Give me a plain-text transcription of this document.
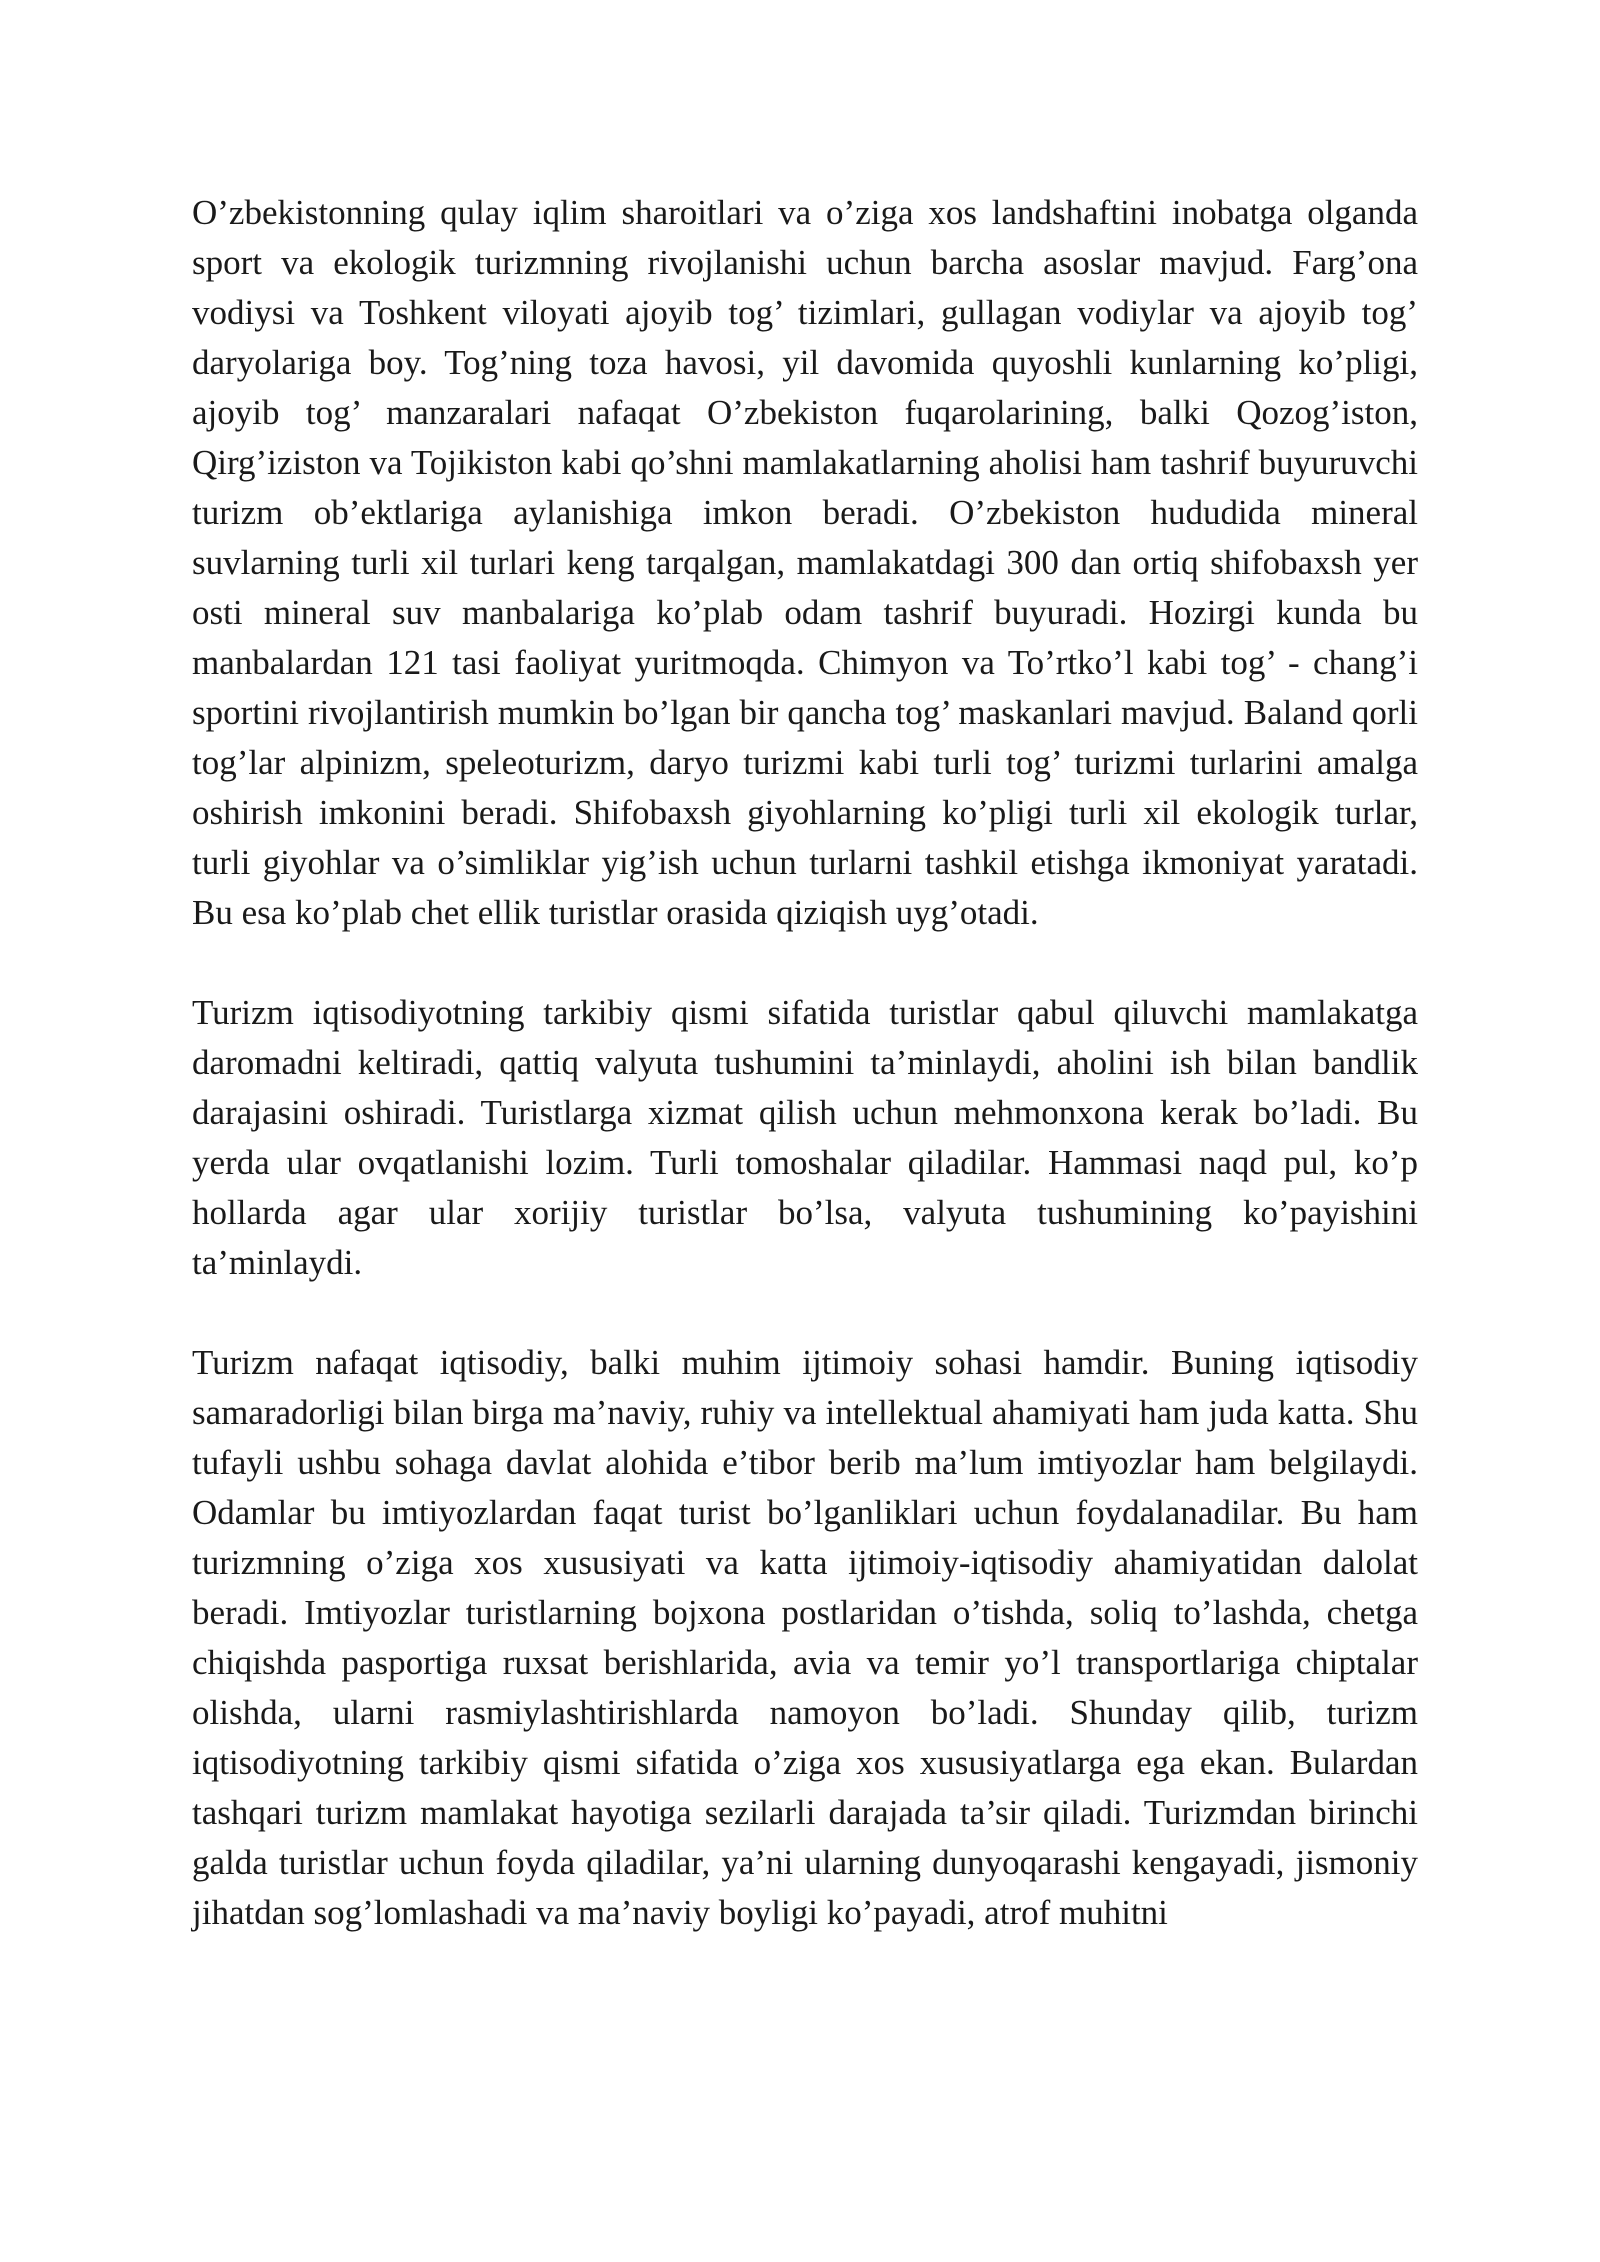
O’zbekistonning qulay iqlim sharoitlari va o’ziga xos landshaftini inobatga olganda sport va ekologik turizmning rivojlanishi uchun barcha asoslar mavjud. Farg’ona vodiysi va Toshkent viloyati ajoyib tog’ tizimlari, gullagan vodiylar va ajoyib tog’ daryolariga boy. Tog’ning toza havosi, yil davomida quyoshli kunlarning ko’pligi, ajoyib tog’ manzaralari nafaqat O’zbekiston fuqarolarining, balki Qozog’iston, Qirg’iziston va Tojikiston kabi qo’shni mamlakatlarning aholisi ham tashrif buyuruvchi turizm ob’ektlariga aylanishiga imkon beradi. O’zbekiston hududida mineral suvlarning turli xil turlari keng tarqalgan, mamlakatdagi 300 dan ortiq shifobaxsh yer osti mineral suv manbalariga ko’plab odam tashrif buyuradi. Hozirgi kunda bu manbalardan 121 tasi faoliyat yuritmoqda. Chimyon va To’rtko’l kabi tog’ - chang’i sportini rivojlantirish mumkin bo’lgan bir qancha tog’ maskanlari mavjud. Baland qorli tog’lar alpinizm, speleoturizm, daryo turizmi kabi turli tog’ turizmi turlarini amalga oshirish imkonini beradi. Shifobaxsh giyohlarning ko’pligi turli xil ekologik turlar, turli giyohlar va o’simliklar yig’ish uchun turlarni tashkil etishga ikmoniyat yaratadi. Bu esa ko’plab chet ellik turistlar orasida qiziqish uyg’otadi.

Turizm iqtisodiyotning tarkibiy qismi sifatida turistlar qabul qiluvchi mamlakatga daromadni keltiradi, qattiq valyuta tushumini ta’minlaydi, aholini ish bilan bandlik darajasini oshiradi. Turistlarga xizmat qilish uchun mehmonxona kerak bo’ladi. Bu yerda ular ovqatlanishi lozim. Turli tomoshalar qiladilar. Hammasi naqd pul, ko’p hollarda agar ular xorijiy turistlar bo’lsa, valyuta tushumining ko’payishini ta’minlaydi.

Turizm nafaqat iqtisodiy, balki muhim ijtimoiy sohasi hamdir. Buning iqtisodiy samaradorligi bilan birga ma’naviy, ruhiy va intellektual ahamiyati ham juda katta. Shu tufayli ushbu sohaga davlat alohida e’tibor berib ma’lum imtiyozlar ham belgilaydi. Odamlar bu imtiyozlardan faqat turist bo’lganliklari uchun foydalanadilar. Bu ham turizmning o’ziga xos xususiyati va katta ijtimoiy-iqtisodiy ahamiyatidan dalolat beradi. Imtiyozlar turistlarning bojxona postlaridan o’tishda, soliq to’lashda, chetga chiqishda pasportiga ruxsat berishlarida, avia va temir yo’l transportlariga chiptalar olishda, ularni rasmiylashtirishlarda namoyon bo’ladi. Shunday qilib, turizm iqtisodiyotning tarkibiy qismi sifatida o’ziga xos xususiyatlarga ega ekan. Bulardan tashqari turizm mamlakat hayotiga sezilarli darajada ta’sir qiladi. Turizmdan birinchi galda turistlar uchun foyda qiladilar, ya’ni ularning dunyoqarashi kengayadi, jismoniy jihatdan sog’lomlashadi va ma’naviy boyligi ko’payadi, atrof muhitni
